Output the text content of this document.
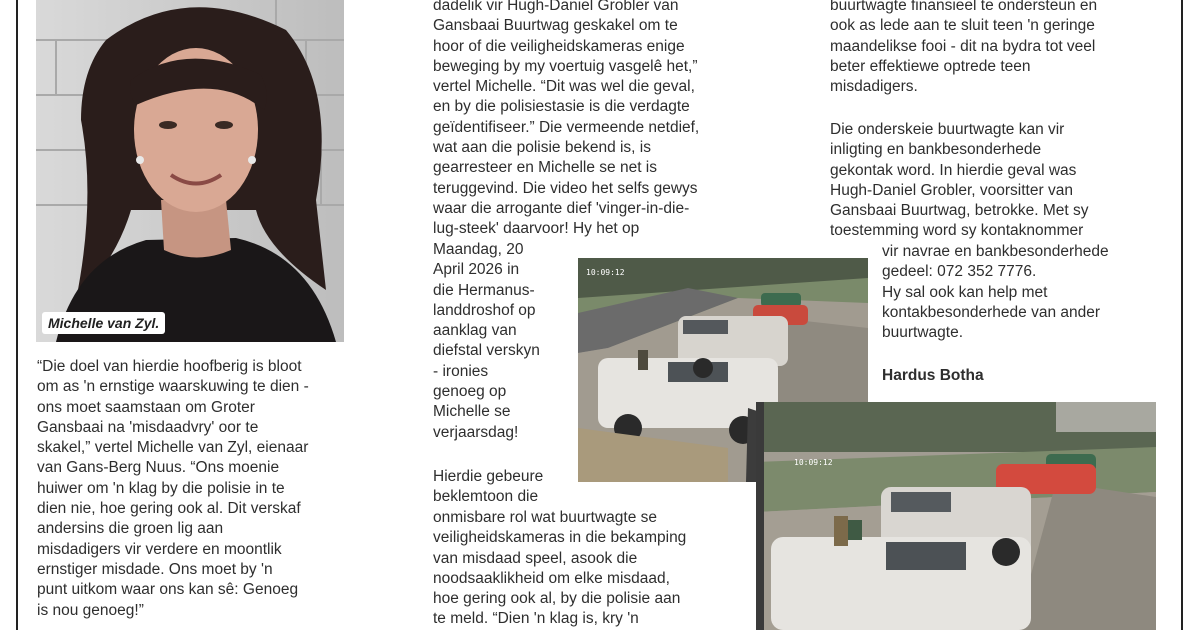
Michelle van Zyl.
“Die doel van hierdie hoofberig is bloot
om as 'n ernstige waarskuwing te dien -
ons moet saamstaan om Groter
Gansbaai na 'misdaadvry' oor te
skakel,” vertel Michelle van Zyl, eienaar
van Gans-Berg Nuus. “Ons moenie
huiwer om 'n klag by die polisie in te
dien nie, hoe gering ook al. Dit verskaf
andersins die groen lig aan
misdadigers vir verdere en moontlik
ernstiger misdade. Ons moet by 'n
punt uitkom waar ons kan sê: Genoeg
is nou genoeg!”
dadelik vir Hugh-Daniel Grobler van
Gansbaai Buurtwag geskakel om te
hoor of die veiligheidskameras enige
beweging by my voertuig vasgelê het,”
vertel Michelle. “Dit was wel die geval,
en by die polisiestasie is die verdagte
geïdentifiseer.” Die vermeende netdief,
wat aan die polisie bekend is, is
gearresteer en Michelle se net is
teruggevind. Die video het selfs gewys
waar die arrogante dief 'vinger-in-die-
lug-steek' daarvoor! Hy het op
Maandag, 20
April 2026 in
die Hermanus-
landdroshof op
aanklag van
diefstal verskyn
- ironies
genoeg op
Michelle se
verjaarsdag!
Hierdie gebeure
beklemtoon die
onmisbare rol wat buurtwagte se
veiligheidskameras in die bekamping
van misdaad speel, asook die
noodsaaklikheid om elke misdaad,
hoe gering ook al, by die polisie aan
te meld. “Dien 'n klag is, kry 'n
buurtwagte finansieel te ondersteun en
ook as lede aan te sluit teen 'n geringe
maandelikse fooi - dit na bydra tot veel
beter effektiewe optrede teen
misdadigers.
Die onderskeie buurtwagte kan vir
inligting en bankbesonderhede
gekontak word. In hierdie geval was
Hugh-Daniel Grobler, voorsitter van
Gansbaai Buurtwag, betrokke. Met sy
toestemming word sy kontaknommer
vir navrae en bankbesonderhede
gedeel: 072 352 7776.
Hy sal ook kan help met
kontakbesonderhede van ander
buurtwagte.
Hardus Botha
10:09:12
10:09:12
